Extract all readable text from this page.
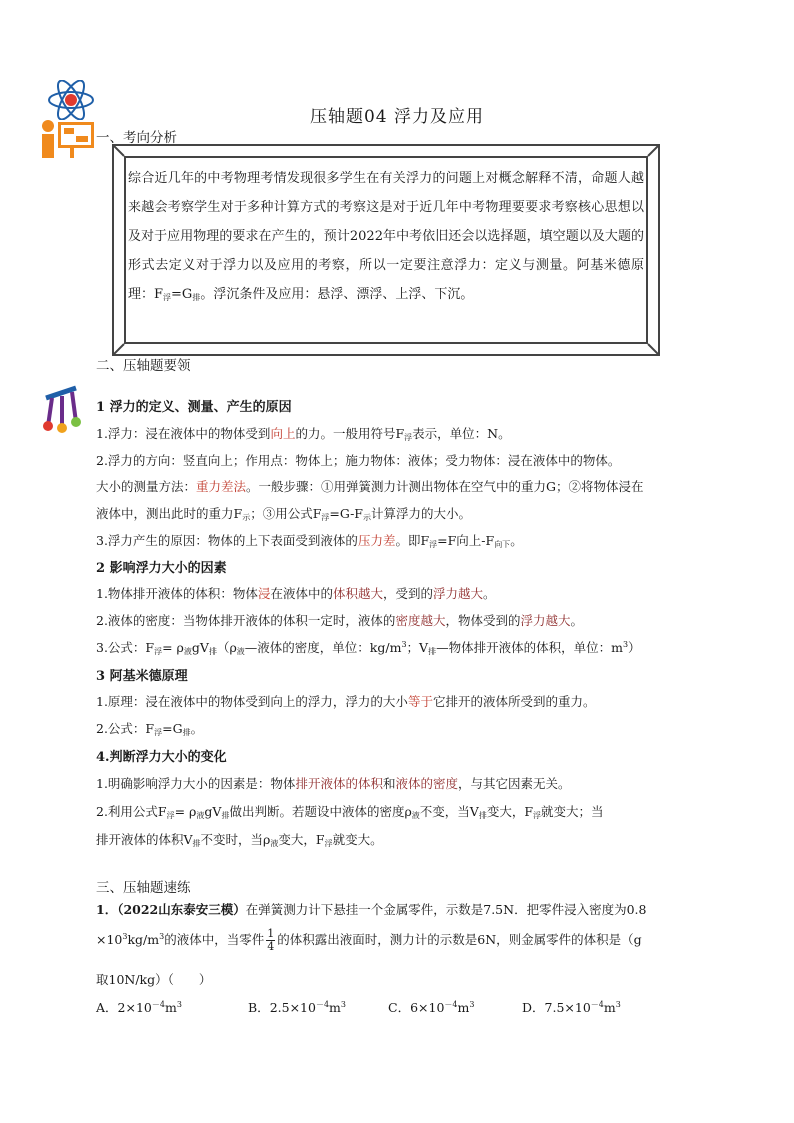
压轴题04 浮力及应用
一、考向分析
综合近几年的中考物理考情发现很多学生在有关浮力的问题上对概念解释不清，命题人越来越会考察学生对于多种计算方式的考察这是对于近几年中考物理要要求考察核心思想以及对于应用物理的要求在产生的，预计2022年中考依旧还会以选择题，填空题以及大题的形式去定义对于浮力以及应用的考察，所以一定要注意浮力：定义与测量。阿基米德原理：$F_浮=G_排$。浮沉条件及应用：悬浮、漂浮、上浮、下沉。
二、压轴题要领
1 浮力的定义、测量、产生的原因
1.浮力：浸在液体中的物体受到向上的力。一般用符号$F_浮$表示，单位：N。
2.浮力的方向：竖直向上；作用点：物体上；施力物体：液体；受力物体：浸在液体中的物体。
大小的测量方法：重力差法。一般步骤：①用弹簧测力计测出物体在空气中的重力G；②将物体浸在
液体中，测出此时的重力$F_示$；③用公式$F_浮=G-F_示$计算浮力的大小。
3.浮力产生的原因：物体的上下表面受到液体的压力差。即$F_浮=F$向上$-F_{向下}$。
2 影响浮力大小的因素
1.物体排开液体的体积：物体浸在液体中的体积越大，受到的浮力越大。
2.液体的密度：当物体排开液体的体积一定时，液体的密度越大，物体受到的浮力越大。
3.公式：$F_浮=$ $\rho_液gV_排(\rho_液—$液体的密度，单位：$kg/m^3$；$V_排—$物体排开液体的体积，单位：$m^3$）
3 阿基米德原理
1.原理：浸在液体中的物体受到向上的浮力，浮力的大小等于它排开的液体所受到的重力。
2.公式：$F_浮=G_排$。
4.判断浮力大小的变化
1.明确影响浮力大小的因素是：物体排开液体的体积和液体的密度，与其它因素无关。
2.利用公式$F_浮= \rho_液gV_排$做出判断。若题设中液体的密度$\rho_液$不变，当$V_排$变大，$F_浮$就变大；当
排开液体的体积$V_排$不变时，当$\rho_液$变大，$F_浮$就变大。
三、压轴题速练
1．（2022山东泰安三模）在弹簧测力计下悬挂一个金属零件，示数是7.5N．把零件浸入密度为0.8
$\times 10^3kg/m^3$的液体中，当零件 $\frac{1}{4}$ 的体积露出液面时，测力计的示数是6N，则金属零件的体积是（g
取10N/kg）（　　）
A．$2\times 10^{-4}m^3$	B．$2.5\times 10^{-4}m^3$	C．$6\times 10^{-4}m^3$	D．$7.5\times 10^{-4}m^3$
